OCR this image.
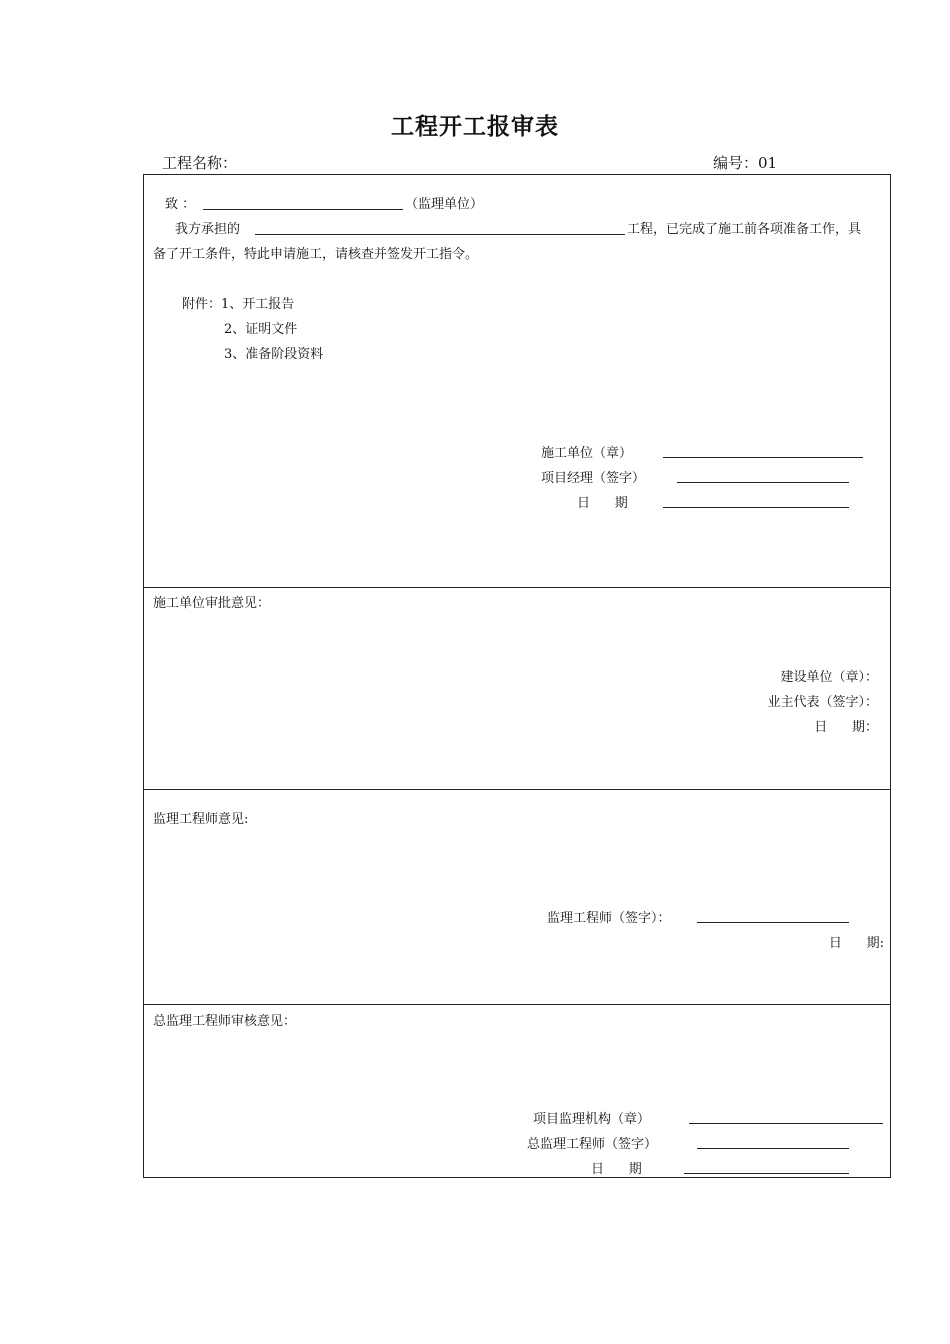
工程开工报审表
工程名称：	编号：01
致 ：	（监理单位）
我方承担的	工程，已完成了施工前各项准备工作，具
备了开工条件，特此申请施工，请核查并签发开工指令。
附件：1、开工报告
2、证明文件
3、准备阶段资料
施工单位（章）
项目经理（签字）
日      期
施工单位审批意见：
建设单位（章）：
业主代表（签字）：
日      期：
监理工程师意见:
监理工程师（签字）：
日      期:
总监理工程师审核意见：
项目监理机构（章）
总监理工程师（签字）
日      期
